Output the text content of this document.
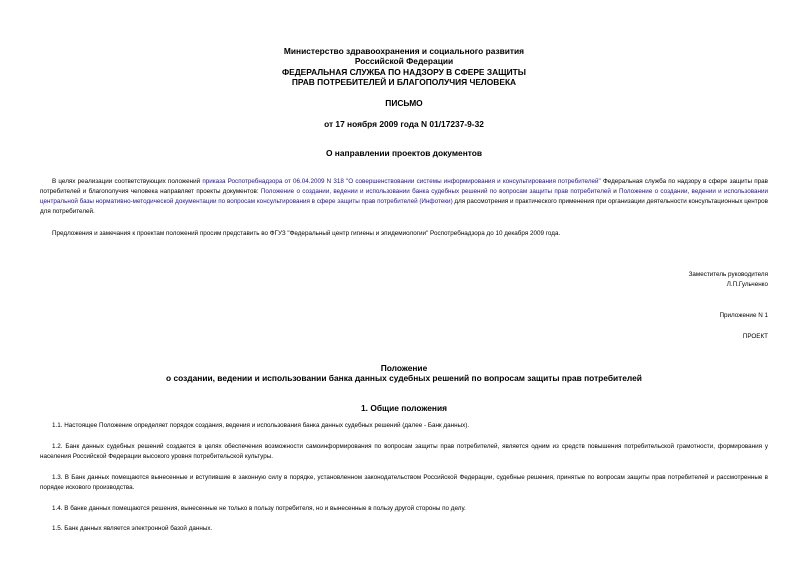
Министерство здравоохранения и социального развития
Российской Федерации
ФЕДЕРАЛЬНАЯ СЛУЖБА ПО НАДЗОРУ В СФЕРЕ ЗАЩИТЫ
ПРАВ ПОТРЕБИТЕЛЕЙ И БЛАГОПОЛУЧИЯ ЧЕЛОВЕКА
ПИСЬМО
от 17 ноября 2009 года N 01/17237-9-32
О направлении проектов документов
В целях реализации соответствующих положений приказа Роспотребнадзора от 06.04.2009 N 318 "О совершенствовании системы информирования и консультирования потребителей" Федеральная служба по надзору в сфере защиты прав потребителей и благополучия человека направляет проекты документов: Положение о создании, ведении и использовании банка судебных решений по вопросам защиты прав потребителей и Положение о создании, ведении и использовании центральной базы нормативно-методической документации по вопросам консультирования в сфере защиты прав потребителей (Инфотеки) для рассмотрения и практического применения при организации деятельности консультационных центров для потребителей.
Предложения и замечания к проектам положений просим представить во ФГУЗ "Федеральный центр гигиены и эпидемиологии" Роспотребнадзора до 10 декабря 2009 года.
Заместитель руководителя
Л.П.Гульченко
Приложение N 1
ПРОЕКТ
Положение
о создании, ведении и использовании банка данных судебных решений по вопросам защиты прав потребителей
1. Общие положения
1.1. Настоящее Положение определяет порядок создания, ведения и использования банка данных судебных решений (далее - Банк данных).
1.2. Банк данных судебных решений создается в целях обеспечения возможности самоинформирования по вопросам защиты прав потребителей, является одним из средств повышения потребительской грамотности, формирования у населения Российской Федерации высокого уровня потребительской культуры.
1.3. В Банк данных помещаются вынесенные и вступившие в законную силу в порядке, установленном законодательством Российской Федерации, судебные решения, принятые по вопросам защиты прав потребителей и рассмотренные в порядке искового производства.
1.4. В банке данных помещаются решения, вынесенные не только в пользу потребителя, но и вынесенные в пользу другой стороны по делу.
1.5. Банк данных является электронной базой данных.
